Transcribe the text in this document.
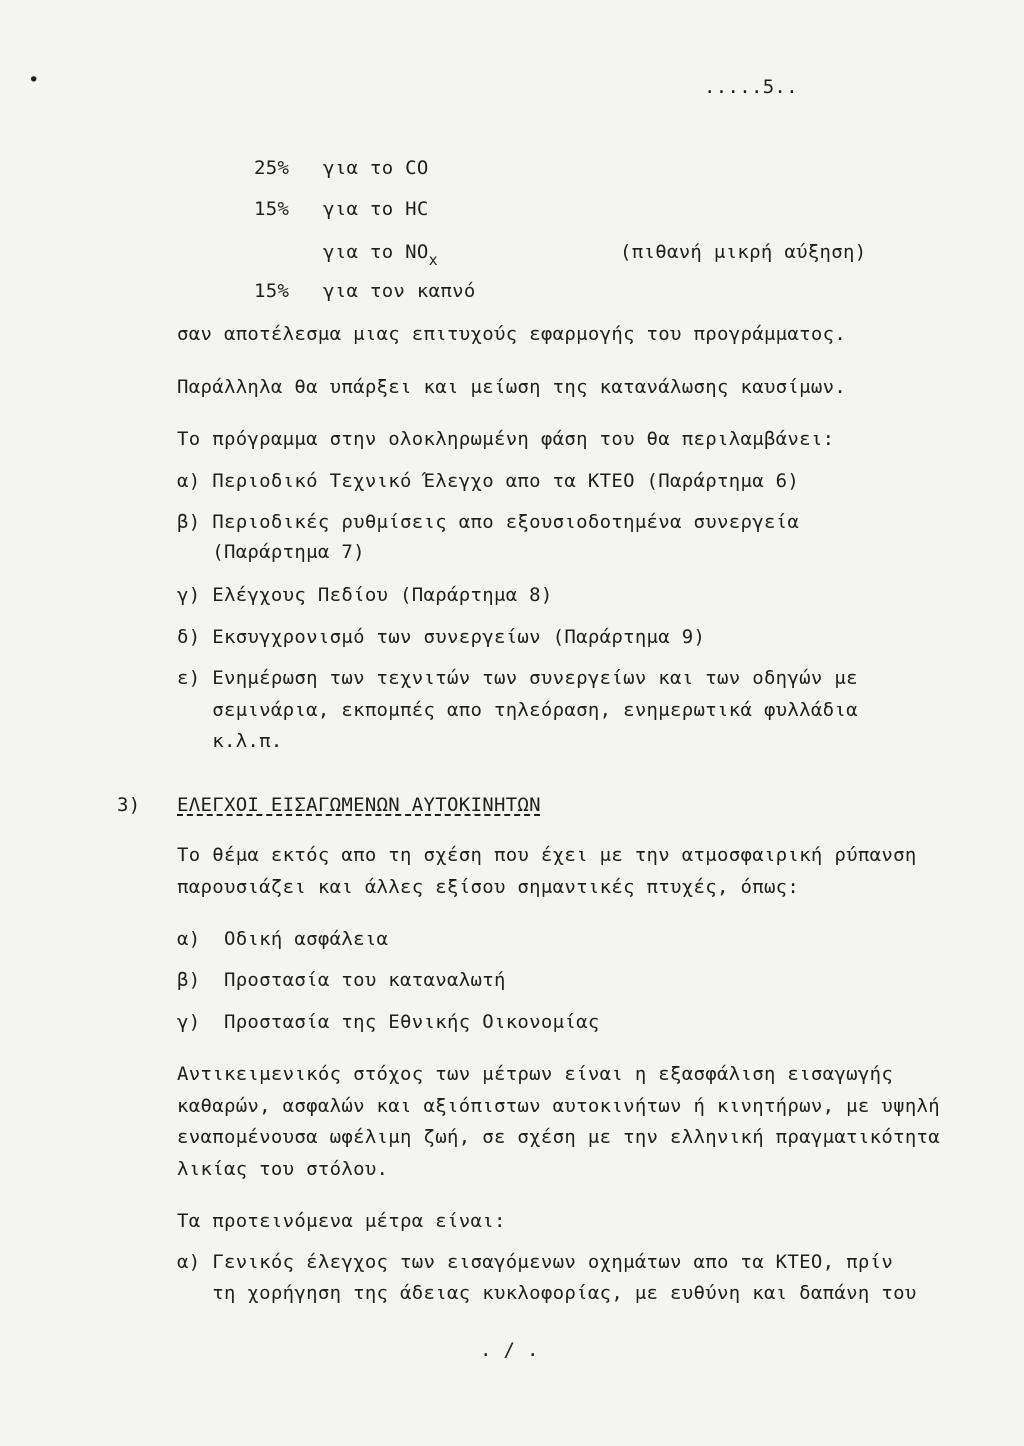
•	.....5..
25% για το CO
15% για το HC
για το $NO_x$	(πιθανή μικρή αύξηση)
15% για τον καπνό
σαν αποτέλεσμα μιας επιτυχούς εφαρμογής του προγράμματος.
Παράλληλα θα υπάρξει και μείωση της κατανάλωσης καυσίμων.
Το πρόγραμμα στην ολοκληρωμένη φάση του θα περιλαμβάνει:
α) Περιοδικό Τεχνικό Έλεγχο απο τα ΚΤΕΟ (Παράρτημα 6)
β) Περιοδικές ρυθμίσεις απο εξουσιοδοτημένα συνεργεία
(Παράρτημα 7)
γ) Ελέγχους Πεδίου (Παράρτημα 8)
δ) Εκσυγχρονισμό των συνεργείων (Παράρτημα 9)
ε) Ενημέρωση των τεχνιτών των συνεργείων και των οδηγών με
σεμινάρια, εκπομπές απο τηλεόραση, ενημερωτικά φυλλάδια
κ.λ.π.
3) ΕΛΕΓΧΟΙ ΕΙΣΑΓΩΜΕΝΩΝ ΑΥΤΟΚΙΝΗΤΩΝ
Το θέμα εκτός απο τη σχέση που έχει με την ατμοσφαιρική ρύπανση
παρουσιάζει και άλλες εξίσου σημαντικές πτυχές, όπως:
α)  Οδική ασφάλεια
β)  Προστασία του καταναλωτή
γ)  Προστασία της Εθνικής Οικονομίας
Αντικειμενικός στόχος των μέτρων είναι η εξασφάλιση εισαγωγής
καθαρών, ασφαλών και αξιόπιστων αυτοκινήτων ή κινητήρων, με υψηλή
εναπομένουσα ωφέλιμη ζωή, σε σχέση με την ελληνική πραγματικότητα
λικίας του στόλου.
Τα προτεινόμενα μέτρα είναι:
α) Γενικός έλεγχος των εισαγόμενων οχημάτων απο τα ΚΤΕΟ, πρίν
τη χορήγηση της άδειας κυκλοφορίας, με ευθύνη και δαπάνη του
. / .
